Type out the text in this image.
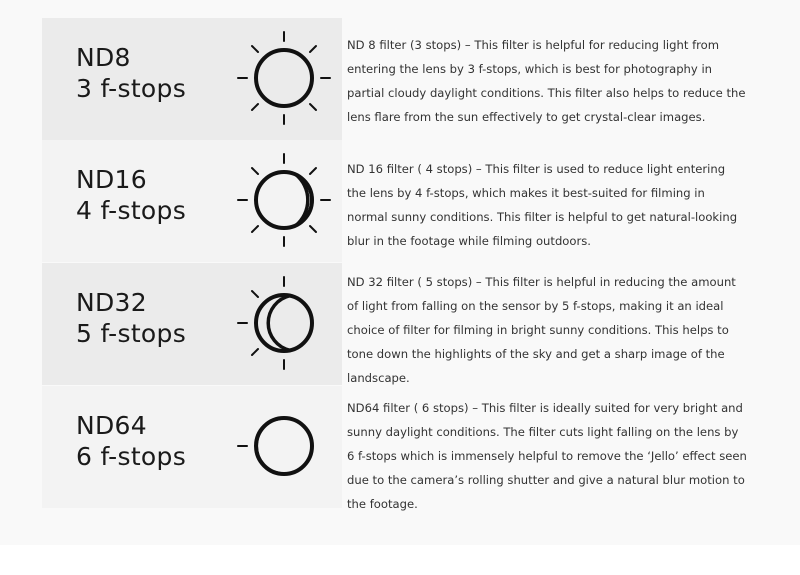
ND8
3 f-stops

ND 8 filter (3 stops) – This filter is helpful for reducing light from entering the lens by 3 f-stops, which is best for photography in partial cloudy daylight conditions. This filter also helps to reduce the lens flare from the sun effectively to get crystal-clear images.

ND16
4 f-stops

ND 16 filter ( 4 stops) – This filter is used to reduce light entering the lens by 4 f-stops, which makes it best-suited for filming in normal sunny conditions. This filter is helpful to get natural-looking blur in the footage while filming outdoors.

ND32
5 f-stops

ND 32 filter ( 5 stops) – This filter is helpful in reducing the amount of light from falling on the sensor by 5 f-stops, making it an ideal choice of filter for filming in bright sunny conditions. This helps to tone down the highlights of the sky and get a sharp image of the landscape.

ND64
6 f-stops

ND64 filter ( 6 stops) – This filter is ideally suited for very bright and sunny daylight conditions. The filter cuts light falling on the lens by 6 f-stops which is immensely helpful to remove the ‘Jello’ effect seen due to the camera’s rolling shutter and give a natural blur motion to the footage.
